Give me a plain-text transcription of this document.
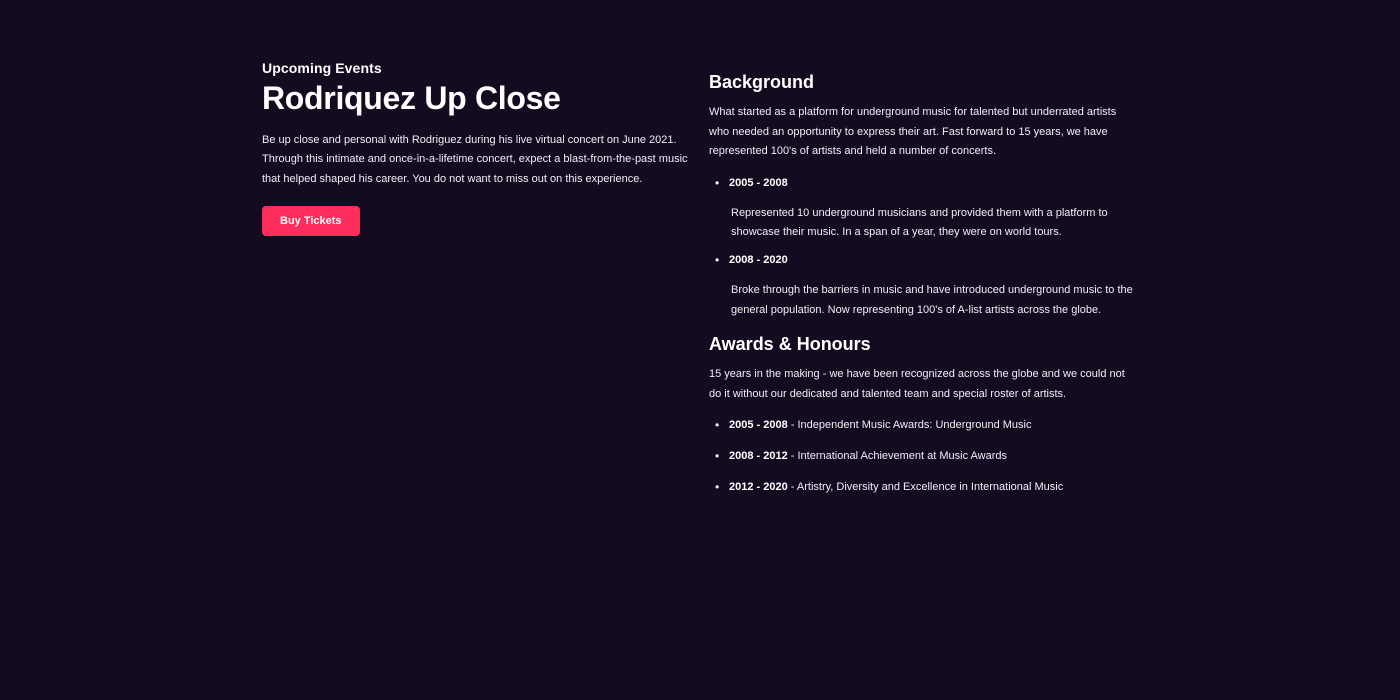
Upcoming Events
Rodriquez Up Close

Be up close and personal with Rodriguez during his live virtual concert on June 2021. Through this intimate and once-in-a-lifetime concert, expect a blast-from-the-past music that helped shaped his career. You do not want to miss out on this experience.

Buy Tickets
Background

What started as a platform for underground music for talented but underrated artists who needed an opportunity to express their art. Fast forward to 15 years, we have represented 100's of artists and held a number of concerts.

• 2005 - 2008

Represented 10 underground musicians and provided them with a platform to showcase their music. In a span of a year, they were on world tours.

• 2008 - 2020

Broke through the barriers in music and have introduced underground music to the general population. Now representing 100's of A-list artists across the globe.

Awards & Honours

15 years in the making - we have been recognized across the globe and we could not do it without our dedicated and talented team and special roster of artists.

• 2005 - 2008 - Independent Music Awards: Underground Music
• 2008 - 2012 - International Achievement at Music Awards
• 2012 - 2020 - Artistry, Diversity and Excellence in International Music
